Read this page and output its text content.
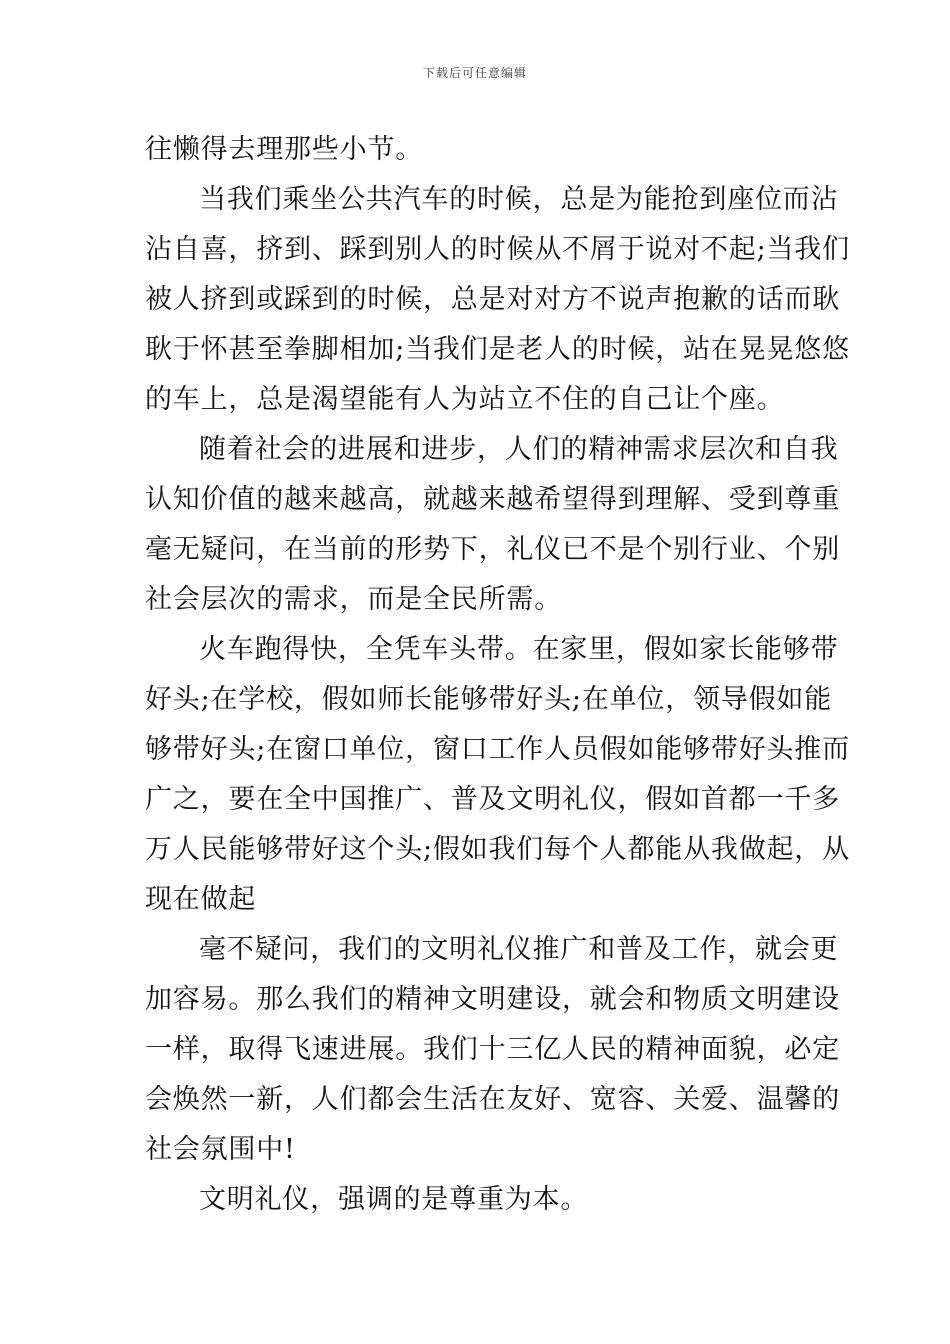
下载后可任意编辑
往懒得去理那些小节。
当我们乘坐公共汽车的时候，总是为能抢到座位而沾
沾自喜，挤到、踩到别人的时候从不屑于说对不起;当我们
被人挤到或踩到的时候，总是对对方不说声抱歉的话而耿
耿于怀甚至拳脚相加;当我们是老人的时候，站在晃晃悠悠
的车上，总是渴望能有人为站立不住的自己让个座。
随着社会的进展和进步，人们的精神需求层次和自我
认知价值的越来越高，就越来越希望得到理解、受到尊重
毫无疑问，在当前的形势下，礼仪已不是个别行业、个别
社会层次的需求，而是全民所需。
火车跑得快，全凭车头带。在家里，假如家长能够带
好头;在学校，假如师长能够带好头;在单位，领导假如能
够带好头;在窗口单位，窗口工作人员假如能够带好头推而
广之，要在全中国推广、普及文明礼仪，假如首都一千多
万人民能够带好这个头;假如我们每个人都能从我做起，从
现在做起
毫不疑问，我们的文明礼仪推广和普及工作，就会更
加容易。那么我们的精神文明建设，就会和物质文明建设
一样，取得飞速进展。我们十三亿人民的精神面貌，必定
会焕然一新，人们都会生活在友好、宽容、关爱、温馨的
社会氛围中!
文明礼仪，强调的是尊重为本。
